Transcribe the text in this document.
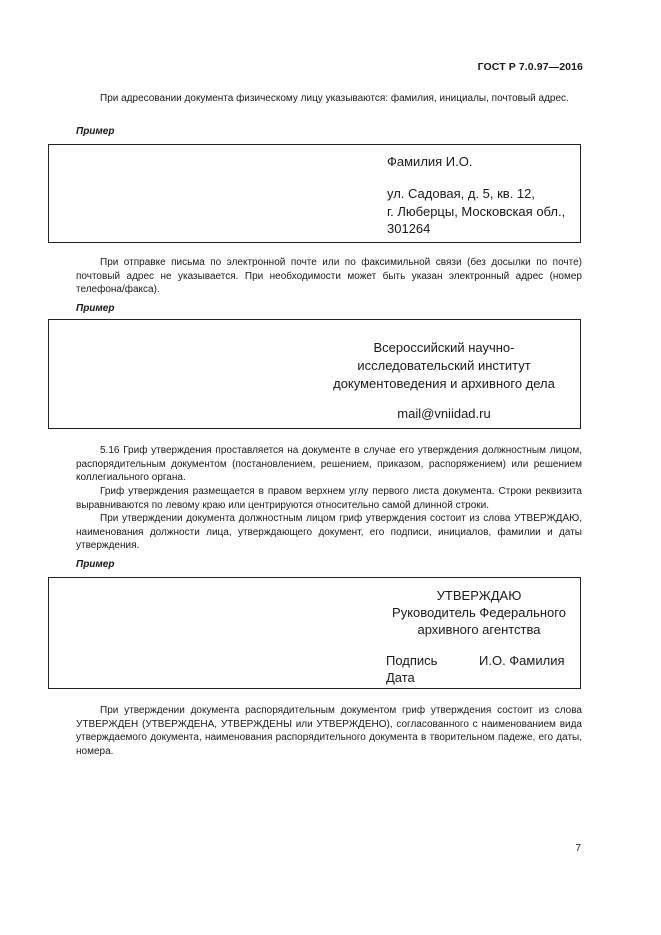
ГОСТ Р 7.0.97—2016
При адресовании документа физическому лицу указываются: фамилия, инициалы, почтовый адрес.
Пример
Фамилия И.О.
ул. Садовая, д. 5, кв. 12,
г. Люберцы, Московская обл.,
301264
При отправке письма по электронной почте или по факсимильной связи (без досылки по почте) почтовый адрес не указывается. При необходимости может быть указан электронный адрес (номер телефона/факса).
Пример
Всероссийский научно-
исследовательский институт
документоведения и архивного дела
mail@vniidad.ru
5.16 Гриф утверждения проставляется на документе в случае его утверждения должностным лицом, распорядительным документом (постановлением, решением, приказом, распоряжением) или решением коллегиального органа.
Гриф утверждения размещается в правом верхнем углу первого листа документа. Строки реквизита выравниваются по левому краю или центрируются относительно самой длинной строки.
При утверждении документа должностным лицом гриф утверждения состоит из слова УТВЕРЖДАЮ, наименования должности лица, утверждающего документ, его подписи, инициалов, фамилии и даты утверждения.
Пример
УТВЕРЖДАЮ
Руководитель Федерального
архивного агентства
Подпись	И.О. Фамилия
Дата
При утверждении документа распорядительным документом гриф утверждения состоит из слова УТВЕРЖДЕН (УТВЕРЖДЕНА, УТВЕРЖДЕНЫ или УТВЕРЖДЕНО), согласованного с наименованием вида утверждаемого документа, наименования распорядительного документа в творительном падеже, его даты, номера.
7
